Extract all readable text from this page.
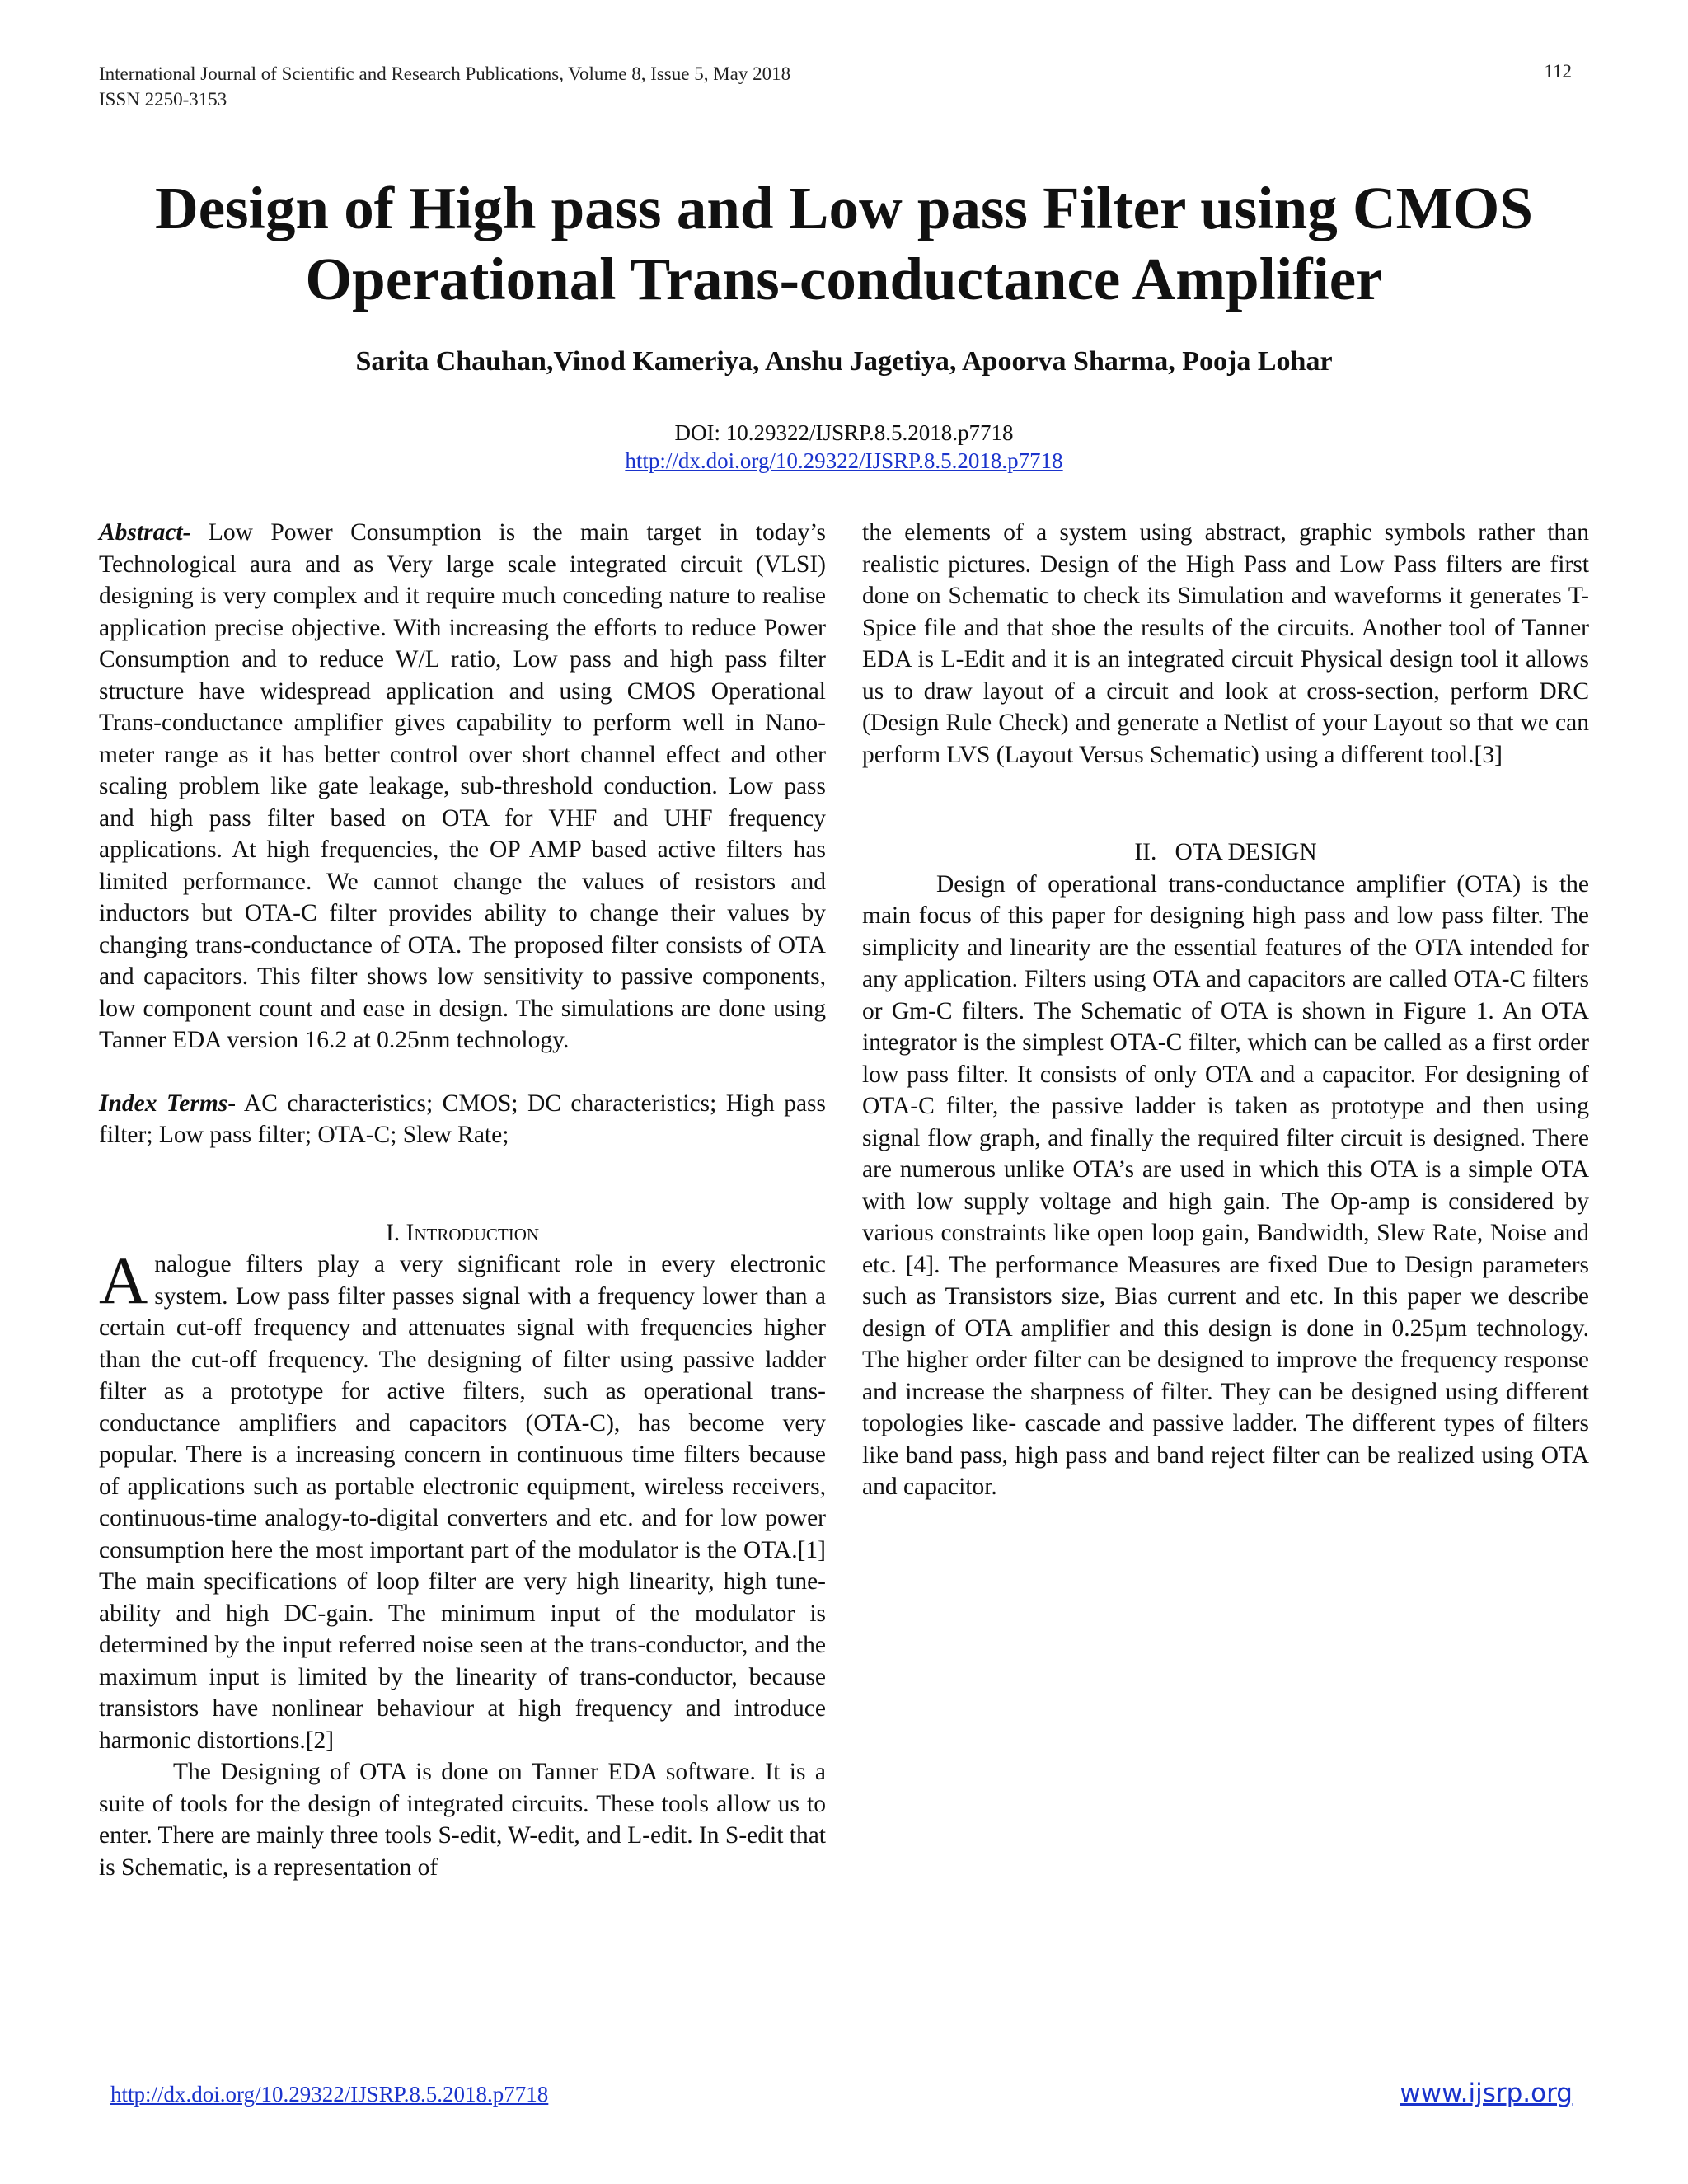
International Journal of Scientific and Research Publications, Volume 8, Issue 5, May 2018
ISSN 2250-3153
112
Design of High pass and Low pass Filter using CMOS
Operational Trans-conductance Amplifier

Sarita Chauhan,Vinod Kameriya, Anshu Jagetiya, Apoorva Sharma, Pooja Lohar

DOI: 10.29322/IJSRP.8.5.2018.p7718
http://dx.doi.org/10.29322/IJSRP.8.5.2018.p7718

Abstract- Low Power Consumption is the main target in today’s Technological aura and as Very large scale integrated circuit (VLSI) designing is very complex and it require much conceding nature to realise application precise objective. With increasing the efforts to reduce Power Consumption and to reduce W/L ratio, Low pass and high pass filter structure have widespread application and using CMOS Operational Trans-conductance amplifier gives capability to perform well in Nano-meter range as it has better control over short channel effect and other scaling problem like gate leakage, sub-threshold conduction. Low pass and high pass filter based on OTA for VHF and UHF frequency applications. At high frequencies, the OP AMP based active filters has limited performance. We cannot change the values of resistors and inductors but OTA-C filter provides ability to change their values by changing trans-conductance of OTA. The proposed filter consists of OTA and capacitors. This filter shows low sensitivity to passive components, low component count and ease in design. The simulations are done using Tanner EDA version 16.2 at 0.25nm technology.

Index Terms- AC characteristics; CMOS; DC characteristics; High pass filter; Low pass filter; OTA-C; Slew Rate;

I. Introduction

Analogue filters play a very significant role in every electronic system. Low pass filter passes signal with a frequency lower than a certain cut-off frequency and attenuates signal with frequencies higher than the cut-off frequency. The designing of filter using passive ladder filter as a prototype for active filters, such as operational trans-conductance amplifiers and capacitors (OTA-C), has become very popular. There is a increasing concern in continuous time filters because of applications such as portable electronic equipment, wireless receivers, continuous-time analogy-to-digital converters and etc. and for low power consumption here the most important part of the modulator is the OTA.[1] The main specifications of loop filter are very high linearity, high tune-ability and high DC-gain. The minimum input of the modulator is determined by the input referred noise seen at the trans-conductor, and the maximum input is limited by the linearity of trans-conductor, because transistors have nonlinear behaviour at high frequency and introduce harmonic distortions.[2]

The Designing of OTA is done on Tanner EDA software. It is a suite of tools for the design of integrated circuits. These tools allow us to enter. There are mainly three tools S-edit, W-edit, and L-edit. In S-edit that is Schematic, is a representation of

the elements of a system using abstract, graphic symbols rather than realistic pictures. Design of the High Pass and Low Pass filters are first done on Schematic to check its Simulation and waveforms it generates T-Spice file and that shoe the results of the circuits. Another tool of Tanner EDA is L-Edit and it is an integrated circuit Physical design tool it allows us to draw layout of a circuit and look at cross-section, perform DRC (Design Rule Check) and generate a Netlist of your Layout so that we can perform LVS (Layout Versus Schematic) using a different tool.[3]

II. OTA DESIGN

Design of operational trans-conductance amplifier (OTA) is the main focus of this paper for designing high pass and low pass filter. The simplicity and linearity are the essential features of the OTA intended for any application. Filters using OTA and capacitors are called OTA-C filters or Gm-C filters. The Schematic of OTA is shown in Figure 1. An OTA integrator is the simplest OTA-C filter, which can be called as a first order low pass filter. It consists of only OTA and a capacitor. For designing of OTA-C filter, the passive ladder is taken as prototype and then using signal flow graph, and finally the required filter circuit is designed. There are numerous unlike OTA’s are used in which this OTA is a simple OTA with low supply voltage and high gain. The Op-amp is considered by various constraints like open loop gain, Bandwidth, Slew Rate, Noise and etc. [4]. The performance Measures are fixed Due to Design parameters such as Transistors size, Bias current and etc. In this paper we describe design of OTA amplifier and this design is done in 0.25µm technology. The higher order filter can be designed to improve the frequency response and increase the sharpness of filter. They can be designed using different topologies like- cascade and passive ladder. The different types of filters like band pass, high pass and band reject filter can be realized using OTA and capacitor.

http://dx.doi.org/10.29322/IJSRP.8.5.2018.p7718	www.ijsrp.org
